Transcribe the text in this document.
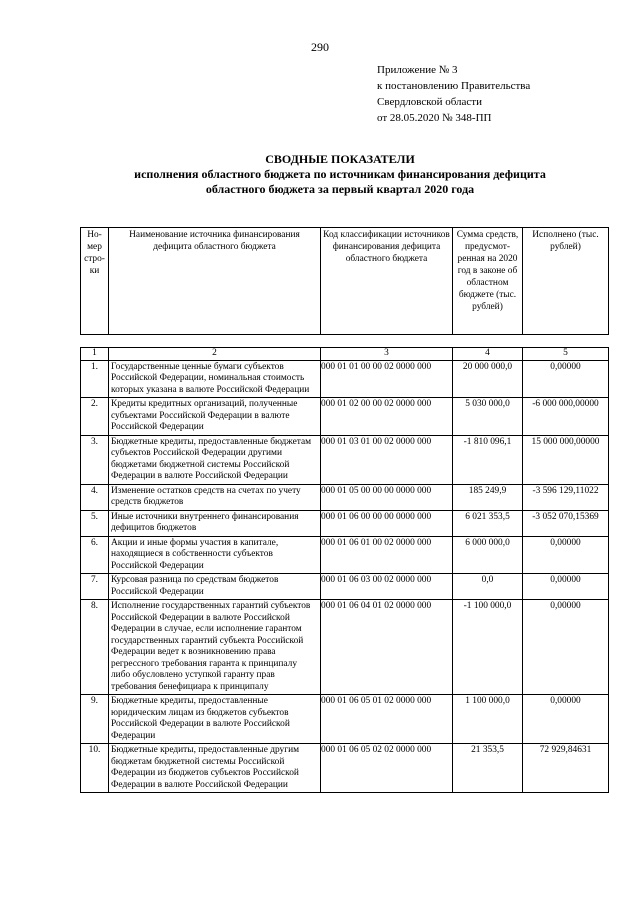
290
Приложение № 3
к постановлению Правительства
Свердловской области
от 28.05.2020 № 348-ПП
СВОДНЫЕ ПОКАЗАТЕЛИ
исполнения областного бюджета по источникам финансирования дефицита
областного бюджета за первый квартал 2020 года
Но-мер стро-ки	Наименование источника финансирования дефицита областного бюджета	Код классификации источников финансирования дефицита областного бюджета	Сумма средств, предусмот-ренная на 2020 год в законе об областном бюджете (тыс. рублей)	Исполнено (тыс. рублей)
1	2	3	4	5
1.	Государственные ценные бумаги субъектов Российской Федерации, номинальная стоимость которых указана в валюте Российской Федерации	000 01 01 00 00 02 0000 000	20 000 000,0	0,00000
2.	Кредиты кредитных организаций, полученные субъектами Российской Федерации в валюте Российской Федерации	000 01 02 00 00 02 0000 000	5 030 000,0	-6 000 000,00000
3.	Бюджетные кредиты, предоставленные бюджетам субъектов Российской Федерации другими бюджетами бюджетной системы Российской Федерации в валюте Российской Федерации	000 01 03 01 00 02 0000 000	-1 810 096,1	15 000 000,00000
4.	Изменение остатков средств на счетах по учету средств бюджетов	000 01 05 00 00 00 0000 000	185 249,9	-3 596 129,11022
5.	Иные источники внутреннего финансирования дефицитов бюджетов	000 01 06 00 00 00 0000 000	6 021 353,5	-3 052 070,15369
6.	Акции и иные формы участия в капитале, находящиеся в собственности субъектов Российской Федерации	000 01 06 01 00 02 0000 000	6 000 000,0	0,00000
7.	Курсовая разница по средствам бюджетов Российской Федерации	000 01 06 03 00 02 0000 000	0,0	0,00000
8.	Исполнение государственных гарантий субъектов Российской Федерации в валюте Российской Федерации в случае, если исполнение гарантом государственных гарантий субъекта Российской Федерации ведет к возникновению права регрессного требования гаранта к принципалу либо обусловлено уступкой гаранту прав требования бенефициара к принципалу	000 01 06 04 01 02 0000 000	-1 100 000,0	0,00000
9.	Бюджетные кредиты, предоставленные юридическим лицам из бюджетов субъектов Российской Федерации в валюте Российской Федерации	000 01 06 05 01 02 0000 000	1 100 000,0	0,00000
10.	Бюджетные кредиты, предоставленные другим бюджетам бюджетной системы Российской Федерации из бюджетов субъектов Российской Федерации в валюте Российской Федерации	000 01 06 05 02 02 0000 000	21 353,5	72 929,84631
